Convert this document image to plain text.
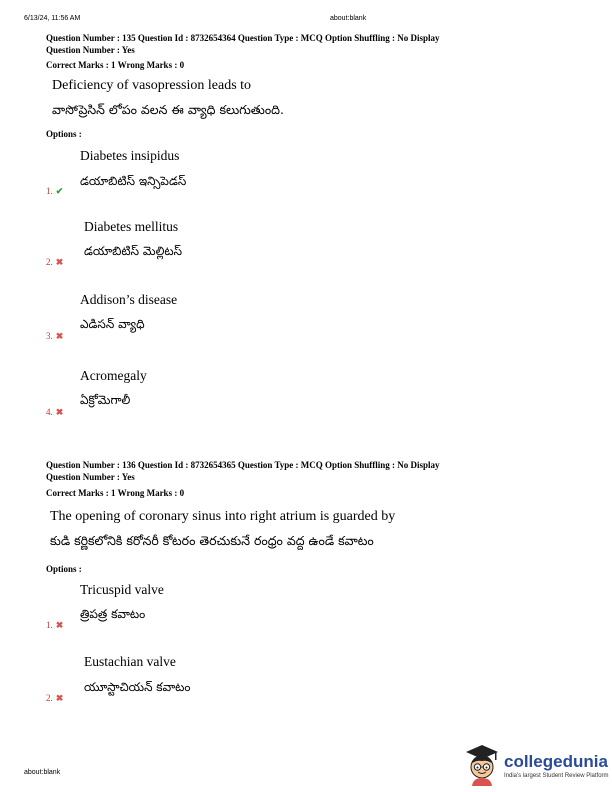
6/13/24, 11:56 AM	about:blank
Question Number : 135 Question Id : 8732654364 Question Type : MCQ Option Shuffling : No Display
Question Number : Yes
Correct Marks : 1 Wrong Marks : 0
Deficiency of vasopression leads to
వాసోప్రెసిన్ లోపం వలన ఈ వ్యాధి కలుగుతుంది.
Options :
Diabetes insipidus
డయాబిటిస్ ఇన్సిపెడస్
1. ✔
Diabetes mellitus
డయాబిటిస్ మెల్లిటస్
2. ✖
Addison’s disease
ఎడిసన్ వ్యాధి
3. ✖
Acromegaly
ఏక్రోమెగాలీ
4. ✖
Question Number : 136 Question Id : 8732654365 Question Type : MCQ Option Shuffling : No Display
Question Number : Yes
Correct Marks : 1 Wrong Marks : 0
The opening of coronary sinus into right atrium is guarded by
కుడి కర్ణికలోనికి కరోనరీ కోటరం తెరచుకునే రంధ్రం వద్ద ఉండే కవాటం
Options :
Tricuspid valve
త్రిపత్ర కవాటం
1. ✖
Eustachian valve
యూస్టాచియన్ కవాటం
2. ✖
about:blank
collegedunia
India's largest Student Review Platform
